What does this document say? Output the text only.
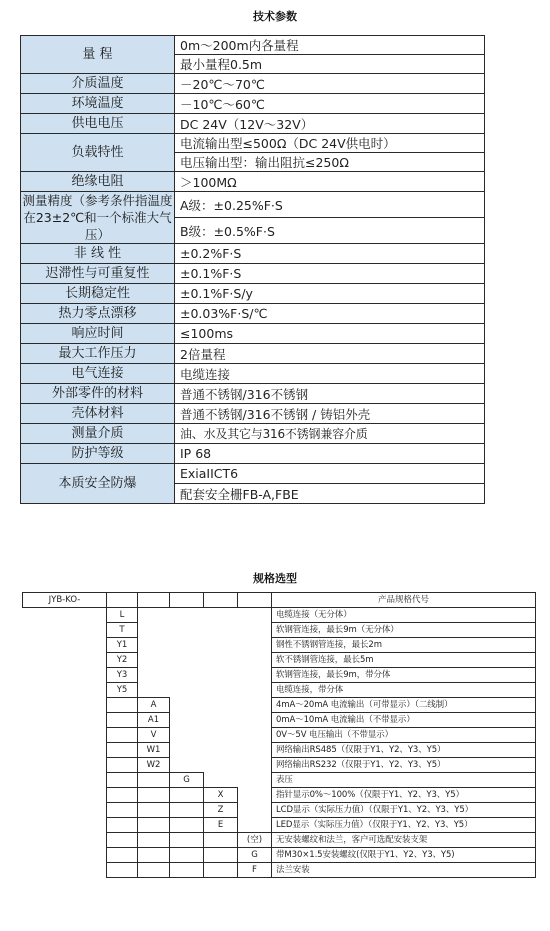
技术参数
量 程	0m～200m内各量程
	最小量程0.5m
介质温度	－20℃～70℃
环境温度	－10℃～60℃
供电电压	DC 24V（12V～32V）
负载特性	电流输出型≤500Ω（DC 24V供电时）
	电压输出型：输出阻抗≤250Ω
绝缘电阻	＞100MΩ
测量精度（参考条件指温度在23±2℃和一个标准大气压）	A级：±0.25%F·S
	B级：±0.5%F·S
非 线 性	±0.2%F·S
迟滞性与可重复性	±0.1%F·S
长期稳定性	±0.1%F·S/y
热力零点漂移	±0.03%F·S/℃
响应时间	≤100ms
最大工作压力	2倍量程
电气连接	电缆连接
外部零件的材料	普通不锈钢/316不锈钢
壳体材料	普通不锈钢/316不锈钢 / 铸铝外壳
测量介质	油、水及其它与316不锈钢兼容介质
防护等级	IP 68
本质安全防爆	ExiaIICT6
	配套安全栅FB-A,FBE
规格选型
JYB-KO-						产品规格代号
	L					电缆连接（无分体）
	T					软钢管连接，最长9m（无分体）
	Y1					钢性不锈钢管连接，最长2m
	Y2					软不锈钢管连接，最长5m
	Y3					软钢管连接，最长9m，带分体
	Y5					电缆连接，带分体
		A				4mA～20mA 电流输出（可带显示）（二线制）
		A1				0mA～10mA 电流输出（不带显示）
		V				0V～5V 电压输出（不带显示）
		W1				网络输出RS485（仅限于Y1、Y2、Y3、Y5）
		W2				网络输出RS232（仅限于Y1、Y2、Y3、Y5）
			G			表压
				X		指针显示0%～100%（仅限于Y1、Y2、Y3、Y5）
				Z		LCD显示（实际压力值）（仅限于Y1、Y2、Y3、Y5）
				E		LED显示（实际压力值）（仅限于Y1、Y2、Y3、Y5）
					(空)	无安装螺纹和法兰，客户可选配安装支架
					G	带M30×1.5安装螺纹(仅限于Y1、Y2、Y3、Y5)
					F	法兰安装
